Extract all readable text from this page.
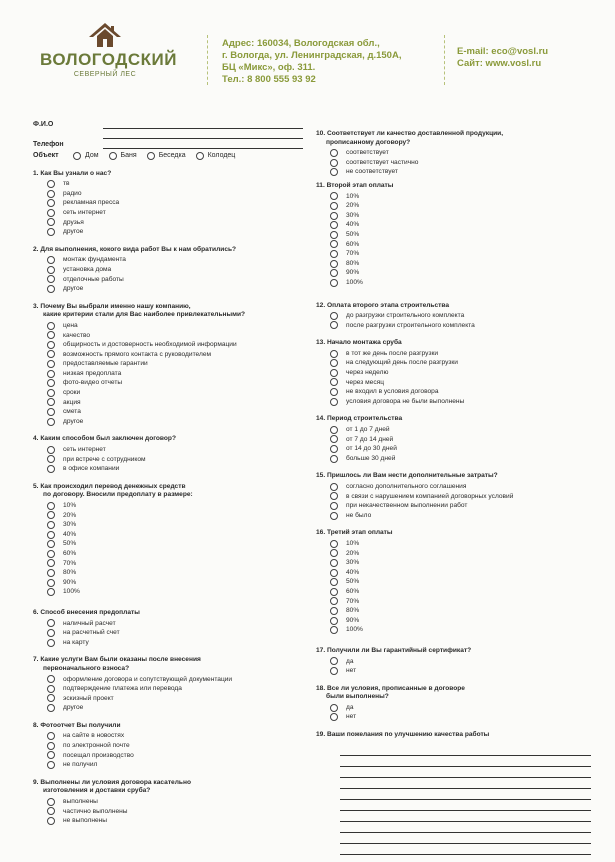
ВОЛОГОДСКИЙ
СЕВЕРНЫЙ ЛЕС
Адрес: 160034, Вологодская обл.,
г. Вологда, ул. Ленинградская, д.150А,
БЦ «Микс», оф. 311.
Тел.: 8 800 555 93 92
E-mail: eco@vosl.ru
Сайт: www.vosl.ru
Ф.И.О
Телефон
Объект	Дом	Баня	Беседка	Колодец
1. Как Вы узнали о нас?
тв
радио
рекламная пресса
сеть интернет
друзья
другое
2. Для выполнения, кокого вида работ Вы к нам обратились?
монтаж фундамента
установка дома
отделочные работы
другое
3. Почему Вы выбрали именно нашу компанию,
какие критерии стали для Вас наиболее привлекательными?
цена
качество
общирность и достоверность необходимой информации
возможность прямого контакта с руководителем
предоставляемые гарантии
низкая предоплата
фото-видео отчеты
сроки
акция
смета
другое
4. Каким способом был заключен договор?
сеть интернет
при встрече с сотрудником
в офисе компании
5. Как происходил перевод денежных средств
по договору. Вносили предоплату в размере:
10%
20%
30%
40%
50%
60%
70%
80%
90%
100%
6. Способ внесения предоплаты
наличный расчет
на расчетный счет
на карту
7. Какие услуги Вам были оказаны после внесения
первоначального взноса?
оформление договора и сопутствующей документации
подтверждение платежа или перевода
эскизный проект
другое
8. Фотоотчет Вы получили
на сайте в новостях
по электронной почте
посещал производство
не получил
9. Выполнены ли условия договора касательно
изготовления и доставки сруба?
выполнены
частично выполнены
не выполнены
10. Соответствует ли качество доставленной продукции,
прописанному договору?
соответствует
соответствует частично
не соответствует
11. Второй этап оплаты
10%
20%
30%
40%
50%
60%
70%
80%
90%
100%
12. Оплата второго этапа строительства
до разгрузки строительного комплекта
после разгрузки строительного комплекта
13. Начало монтажа сруба
в тот же день после разгрузки
на следующий день после разгрузки
через неделю
через месяц
не входил в условия договора
условия договора не были выполнены
14. Период строительства
от 1 до 7 дней
от 7 до 14 дней
от 14 до 30 дней
больше 30 дней
15. Пришлось ли Вам нести дополнительные затраты?
согласно дополнительного соглашения
в связи с нарушением компанией договорных условий
при некачественном выполнении работ
не было
16. Третий этап оплаты
10%
20%
30%
40%
50%
60%
70%
80%
90%
100%
17. Получили ли Вы гарантийный сертификат?
да
нет
18. Все ли условия, прописанные в договоре
были выполнены?
да
нет
19. Ваши пожелания по улучшению качества работы
